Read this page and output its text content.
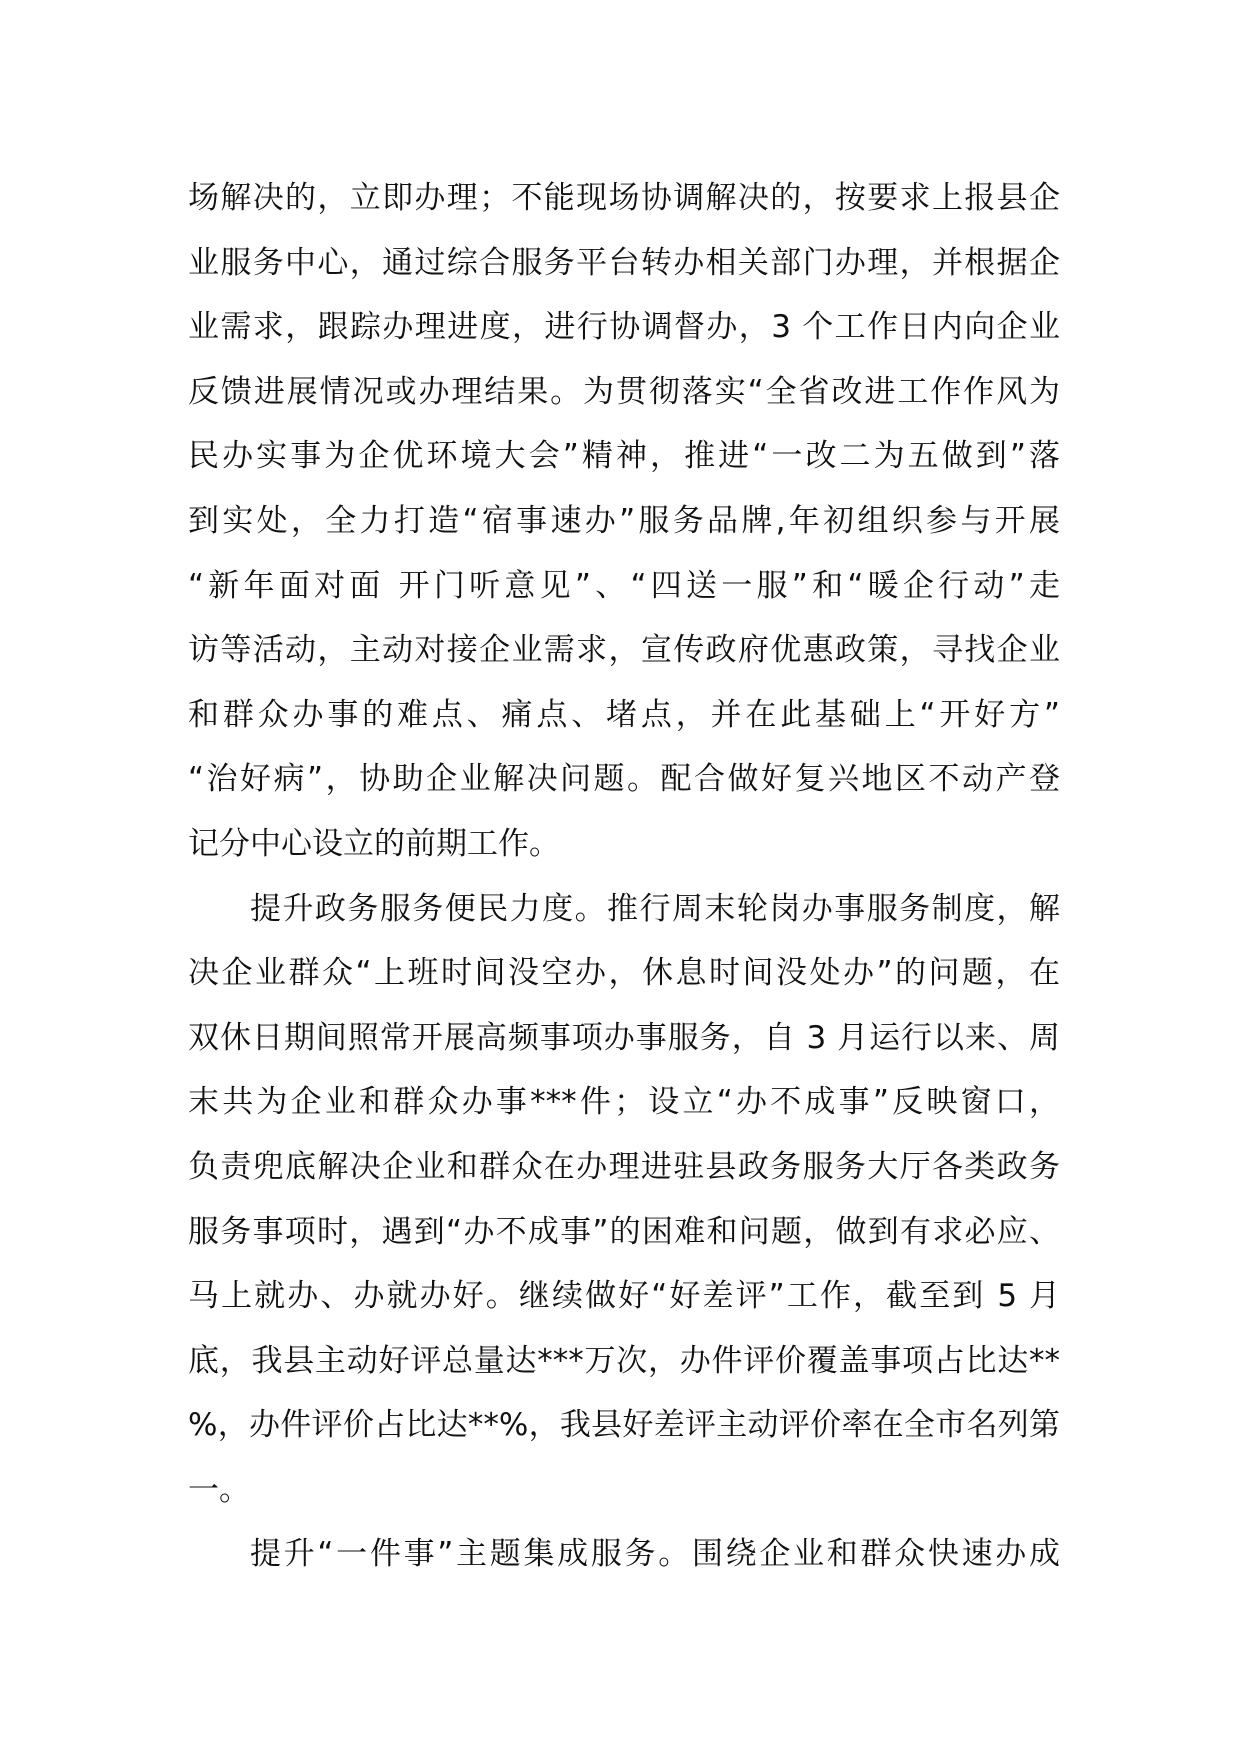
场解决的，立即办理；不能现场协调解决的，按要求上报县企
业服务中心，通过综合服务平台转办相关部门办理，并根据企
业需求，跟踪办理进度，进行协调督办，3 个工作日内向企业
反馈进展情况或办理结果。为贯彻落实“全省改进工作作风为
民办实事为企优环境大会”精神，推进“一改二为五做到”落
到实处，全力打造“宿事速办”服务品牌,年初组织参与开展
“新年面对面 开门听意见”、“四送一服”和“暖企行动”走
访等活动，主动对接企业需求，宣传政府优惠政策，寻找企业
和群众办事的难点、痛点、堵点，并在此基础上“开好方”
“治好病”，协助企业解决问题。配合做好复兴地区不动产登
记分中心设立的前期工作。
提升政务服务便民力度。推行周末轮岗办事服务制度，解
决企业群众“上班时间没空办，休息时间没处办”的问题，在
双休日期间照常开展高频事项办事服务，自 3 月运行以来、周
末共为企业和群众办事***件；设立“办不成事”反映窗口，
负责兜底解决企业和群众在办理进驻县政务服务大厅各类政务
服务事项时，遇到“办不成事”的困难和问题，做到有求必应、
马上就办、办就办好。继续做好“好差评”工作，截至到 5 月
底，我县主动好评总量达***万次，办件评价覆盖事项占比达**
%，办件评价占比达**%，我县好差评主动评价率在全市名列第
一。
提升“一件事”主题集成服务。围绕企业和群众快速办成
